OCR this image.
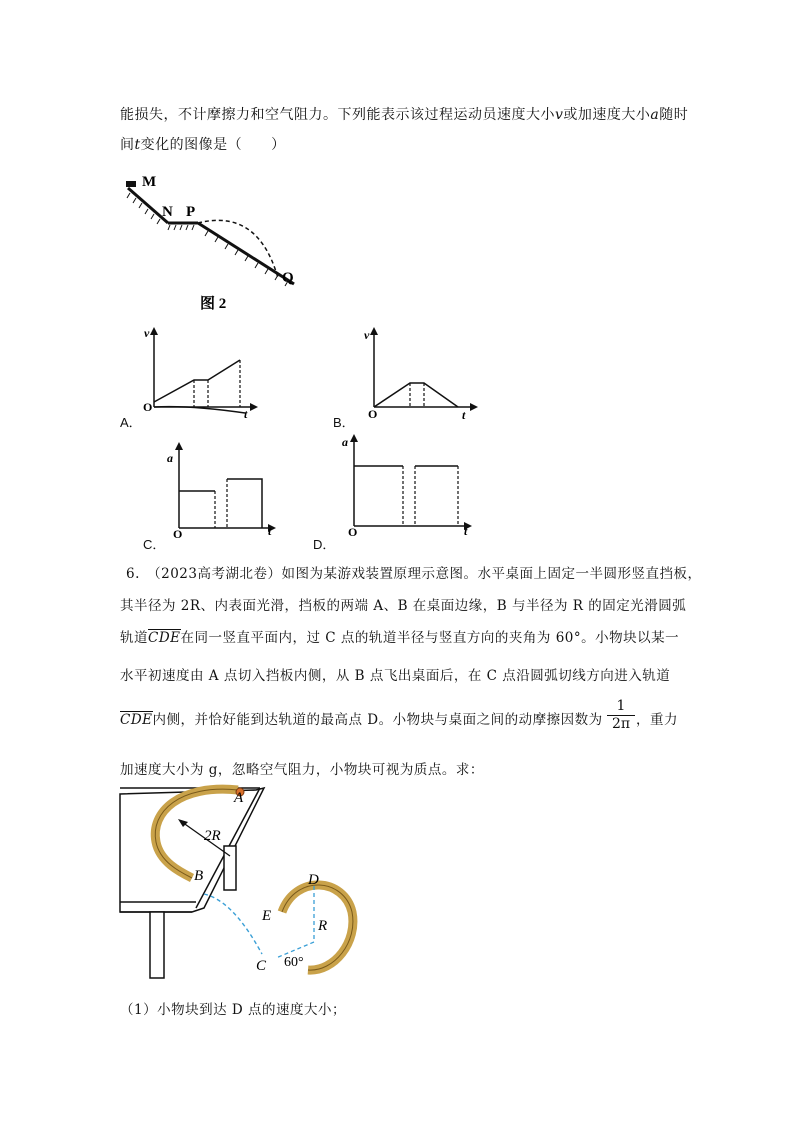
能损失，不计摩擦力和空气阻力。下列能表示该过程运动员速度大小v或加速度大小a随时
间t变化的图像是（　　）
M
N P
Q
图 2
v
O	t
A．
v
O	t
B．
a
O	t
C．
a
O	t
D．
6.　（2023高考湖北卷）如图为某游戏装置原理示意图。水平桌面上固定一半圆形竖直挡板，
其半径为 2R、内表面光滑，挡板的两端 A、B 在桌面边缘，B 与半径为 R 的固定光滑圆弧
轨道CDE在同一竖直平面内，过 C 点的轨道半径与竖直方向的夹角为 60°。小物块以某一
水平初速度由 A 点切入挡板内侧，从 B 点飞出桌面后，在 C 点沿圆弧切线方向进入轨道
CDE内侧，并恰好能到达轨道的最高点 D。小物块与桌面之间的动摩擦因数为 $\frac{1}{2\pi}$ ，重力
加速度大小为 g，忽略空气阻力，小物块可视为质点。求：
2R
A
B	D
E
R
C 60°
（1）小物块到达 D 点的速度大小；
